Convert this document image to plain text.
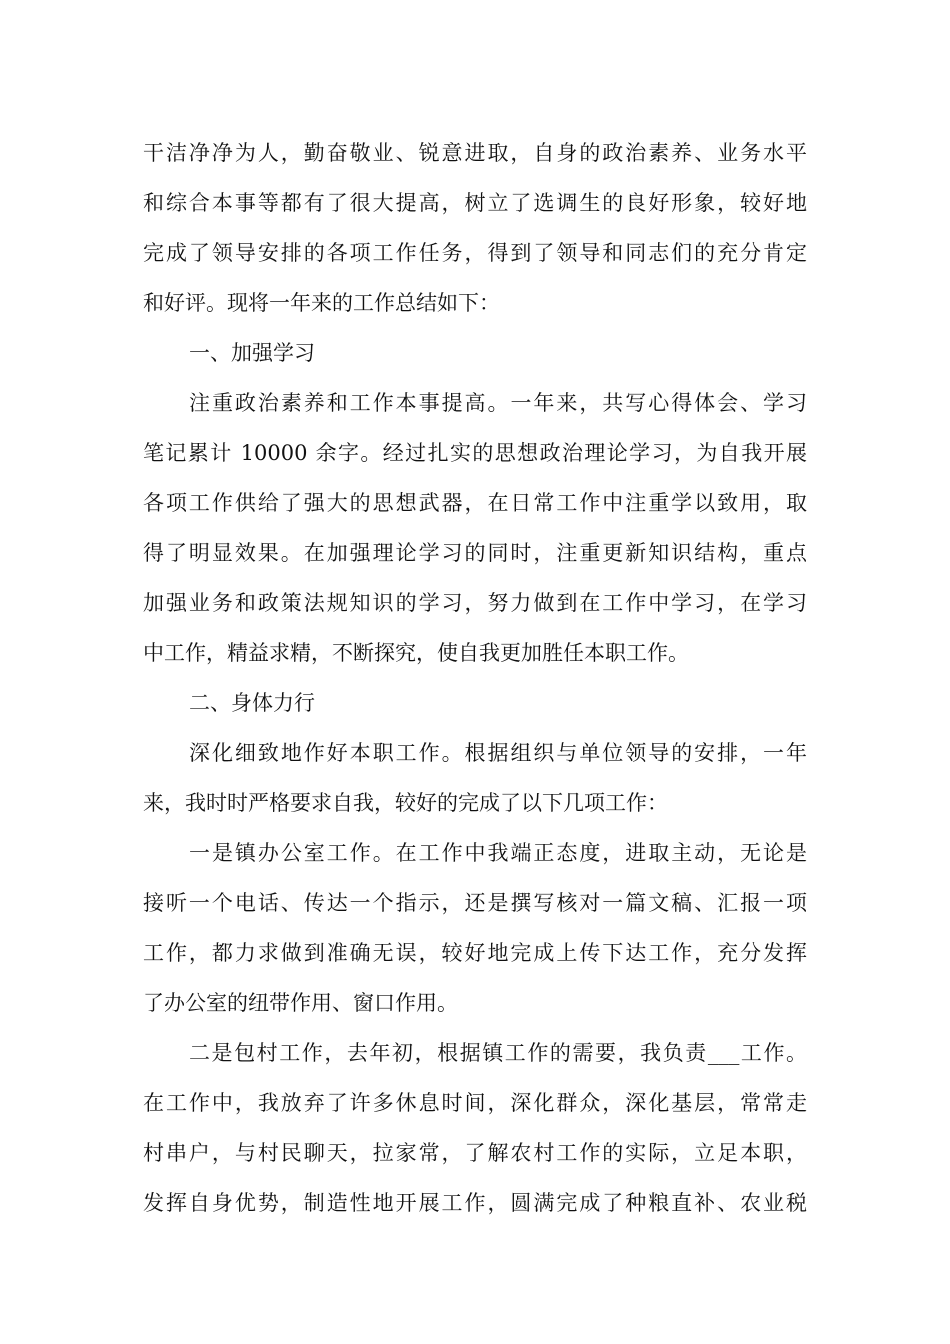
干洁净净为人，勤奋敬业、锐意进取，自身的政治素养、业务水平
和综合本事等都有了很大提高，树立了选调生的良好形象，较好地
完成了领导安排的各项工作任务，得到了领导和同志们的充分肯定
和好评。现将一年来的工作总结如下：
一、加强学习
注重政治素养和工作本事提高。一年来，共写心得体会、学习
笔记累计 10000 余字。经过扎实的思想政治理论学习，为自我开展
各项工作供给了强大的思想武器，在日常工作中注重学以致用，取
得了明显效果。在加强理论学习的同时，注重更新知识结构，重点
加强业务和政策法规知识的学习，努力做到在工作中学习，在学习
中工作，精益求精，不断探究，使自我更加胜任本职工作。
二、身体力行
深化细致地作好本职工作。根据组织与单位领导的安排，一年
来，我时时严格要求自我，较好的完成了以下几项工作：
一是镇办公室工作。在工作中我端正态度，进取主动，无论是
接听一个电话、传达一个指示，还是撰写核对一篇文稿、汇报一项
工作，都力求做到准确无误，较好地完成上传下达工作，充分发挥
了办公室的纽带作用、窗口作用。
二是包村工作，去年初，根据镇工作的需要，我负责___工作。
在工作中，我放弃了许多休息时间，深化群众，深化基层，常常走
村串户，与村民聊天，拉家常，了解农村工作的实际，立足本职，
发挥自身优势，制造性地开展工作，圆满完成了种粮直补、农业税
